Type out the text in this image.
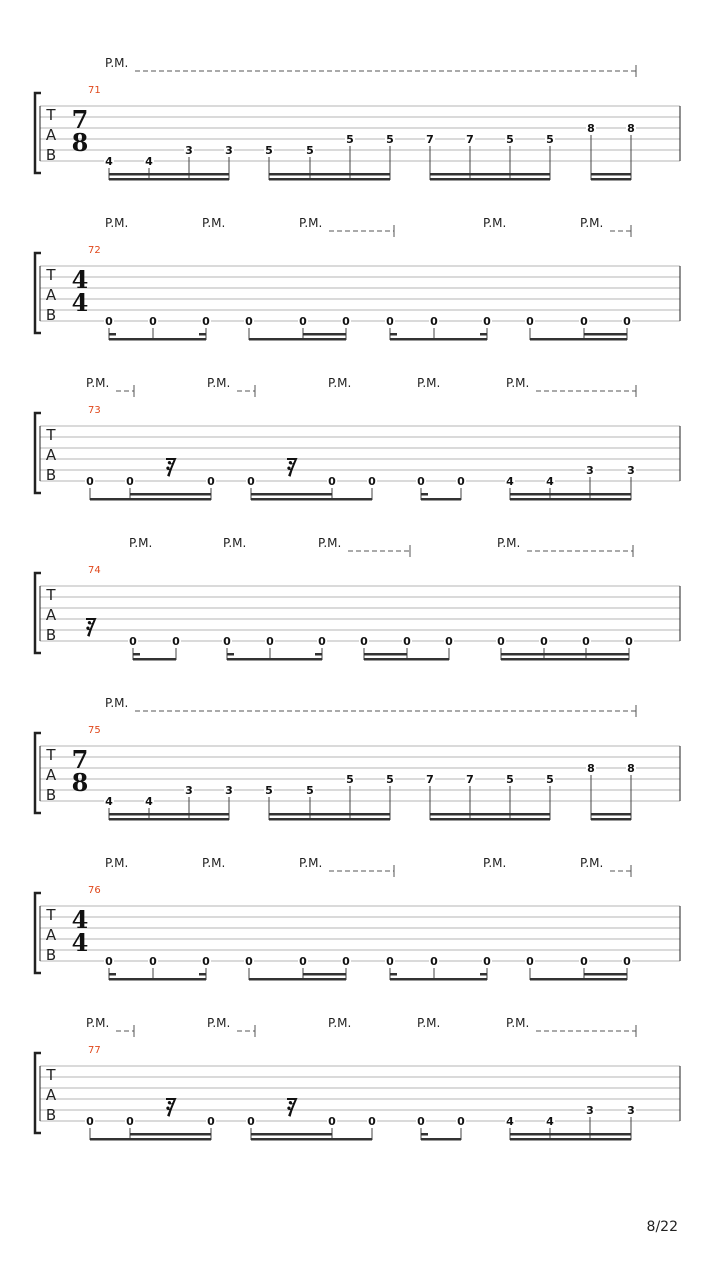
T
A
B
71
7
8
P.M.
4	4
3	3	5	5
5	5	7	7	5	5
8	8
T
A
B
72
4
4
P.M.	P.M.	P.M.	P.M.	P.M.
0	0	0	0	0	0	0	0	0	0	0	0
T
A
B
73
P.M.	P.M.	P.M.	P.M.	P.M.
𝄿	𝄿
0	0	0	0	0	0	0	0	4	4
3	3
T
A
B
74
P.M.	P.M.	P.M.	P.M.
𝄿	0	0	0	0	0	0	0	0	0	0	0	0
T
A
B
75
7
8
P.M.
4	4
3	3	5	5
5	5	7	7	5	5
8	8
T
A
B
76
4
4
P.M.	P.M.	P.M.	P.M.	P.M.
0	0	0	0	0	0	0	0	0	0	0	0
T
A
B
77
P.M.	P.M.	P.M.	P.M.	P.M.
𝄿	𝄿
0	0	0	0	0	0	0	0	4	4
3	3
8/22
